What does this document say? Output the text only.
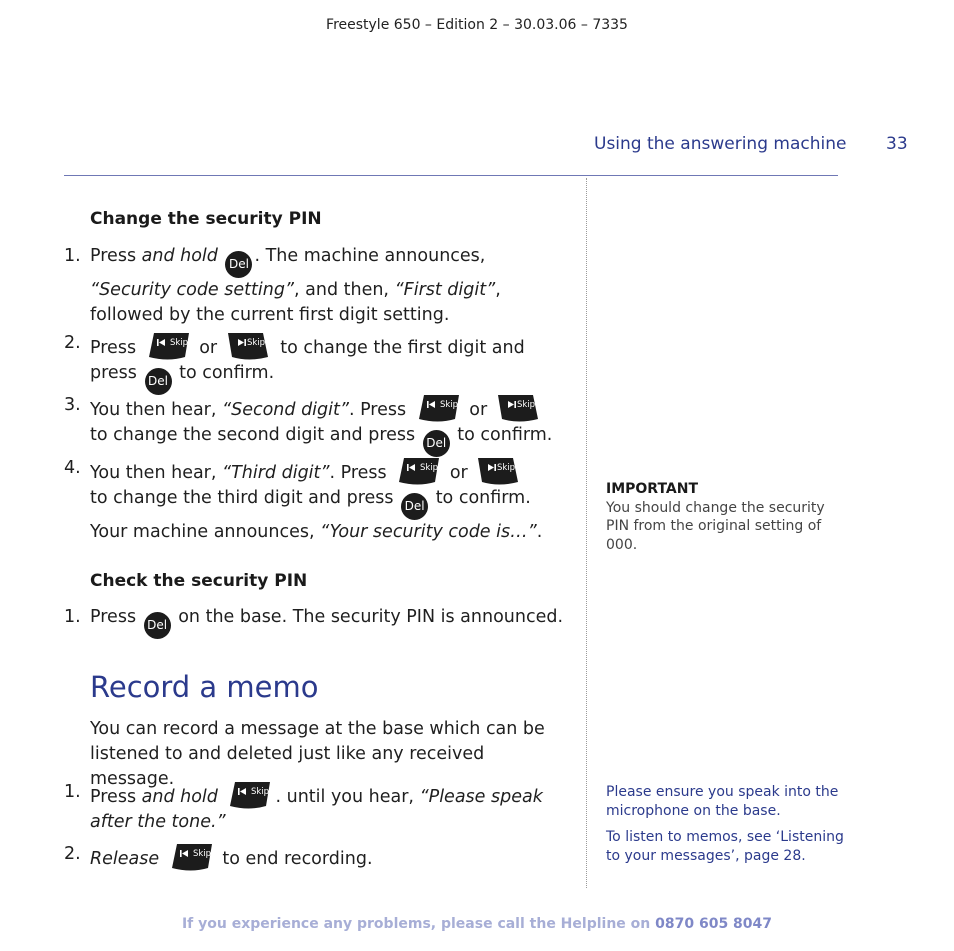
Freestyle 650 – Edition 2 – 30.03.06 – 7335
Using the answering machine 33
Change the security PIN
1. Press and hold Del . The machine announces, “Security code setting”, and then, “First digit”, followed by the current first digit setting.
2. Press	Skip or	Skip to change the first digit and press Del to confirm.
3. You then hear, “Second digit”. Press	Skip or	Skip

to change the second digit and press Del to confirm.
4. You then hear, “Third digit”. Press	Skip or	Skip

to change the third digit and press Del to confirm. Your machine announces, “Your security code is…”.
Check the security PIN
1. Press Del on the base. The security PIN is announced.
Record a memo
You can record a message at the base which can be listened to and deleted just like any received message.
1. Press and hold	Skip . until you hear, “Please speak after the tone.”
2. Release	Skip to end recording.
IMPORTANT
You should change the security PIN from the original setting of 000.
Please ensure you speak into the microphone on the base.
To listen to memos, see ‘Listening to your messages’, page 28.
If you experience any problems, please call the Helpline on 0870 605 8047
